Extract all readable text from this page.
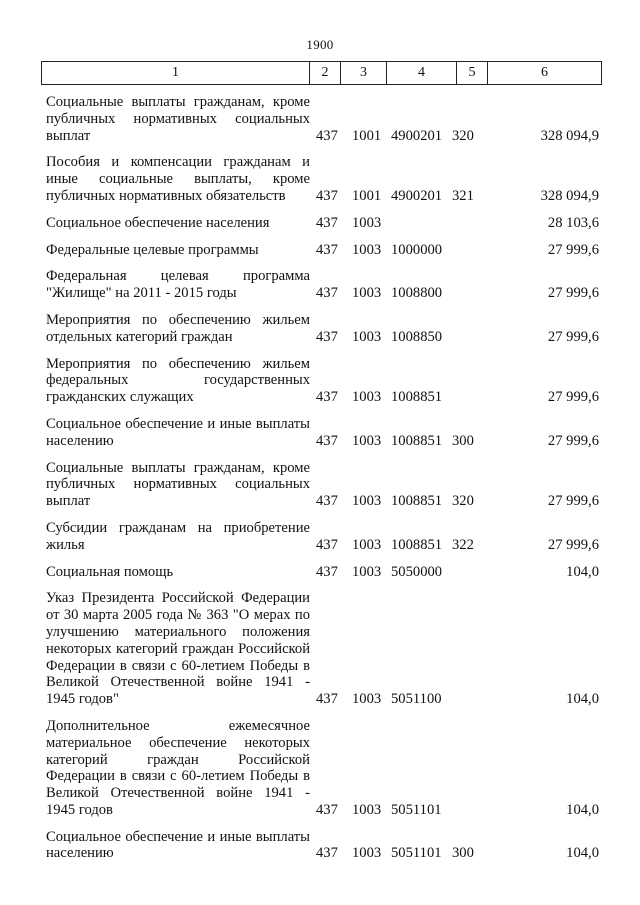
1900
1	2	3	4	5	6
Социальные выплаты гражданам, кроме публичных нормативных социальных выплат	437 1001 4900201 320	328 094,9
Пособия и компенсации гражданам и иные социальные выплаты, кроме публичных нормативных обязательств	437 1001 4900201 321	328 094,9
Социальное обеспечение населения	437 1003	28 103,6
Федеральные целевые программы	437 1003 1000000	27 999,6
Федеральная целевая программа "Жилище" на 2011 - 2015 годы	437 1003 1008800	27 999,6
Мероприятия по обеспечению жильем отдельных категорий граждан	437 1003 1008850	27 999,6
Мероприятия по обеспечению жильем федеральных государственных гражданских служащих	437 1003 1008851	27 999,6
Социальное обеспечение и иные выплаты населению	437 1003 1008851 300	27 999,6
Социальные выплаты гражданам, кроме публичных нормативных социальных выплат	437 1003 1008851 320	27 999,6
Субсидии гражданам на приобретение жилья	437 1003 1008851 322	27 999,6
Социальная помощь	437 1003 5050000	104,0
Указ Президента Российской Федерации от 30 марта 2005 года № 363 "О мерах по улучшению материального положения некоторых категорий граждан Российской Федерации в связи с 60-летием Победы в Великой Отечественной войне 1941 - 1945 годов"	437 1003 5051100	104,0
Дополнительное ежемесячное материальное обеспечение некоторых категорий граждан Российской Федерации в связи с 60-летием Победы в Великой Отечественной войне 1941 - 1945 годов	437 1003 5051101	104,0
Социальное обеспечение и иные выплаты населению	437 1003 5051101 300	104,0
